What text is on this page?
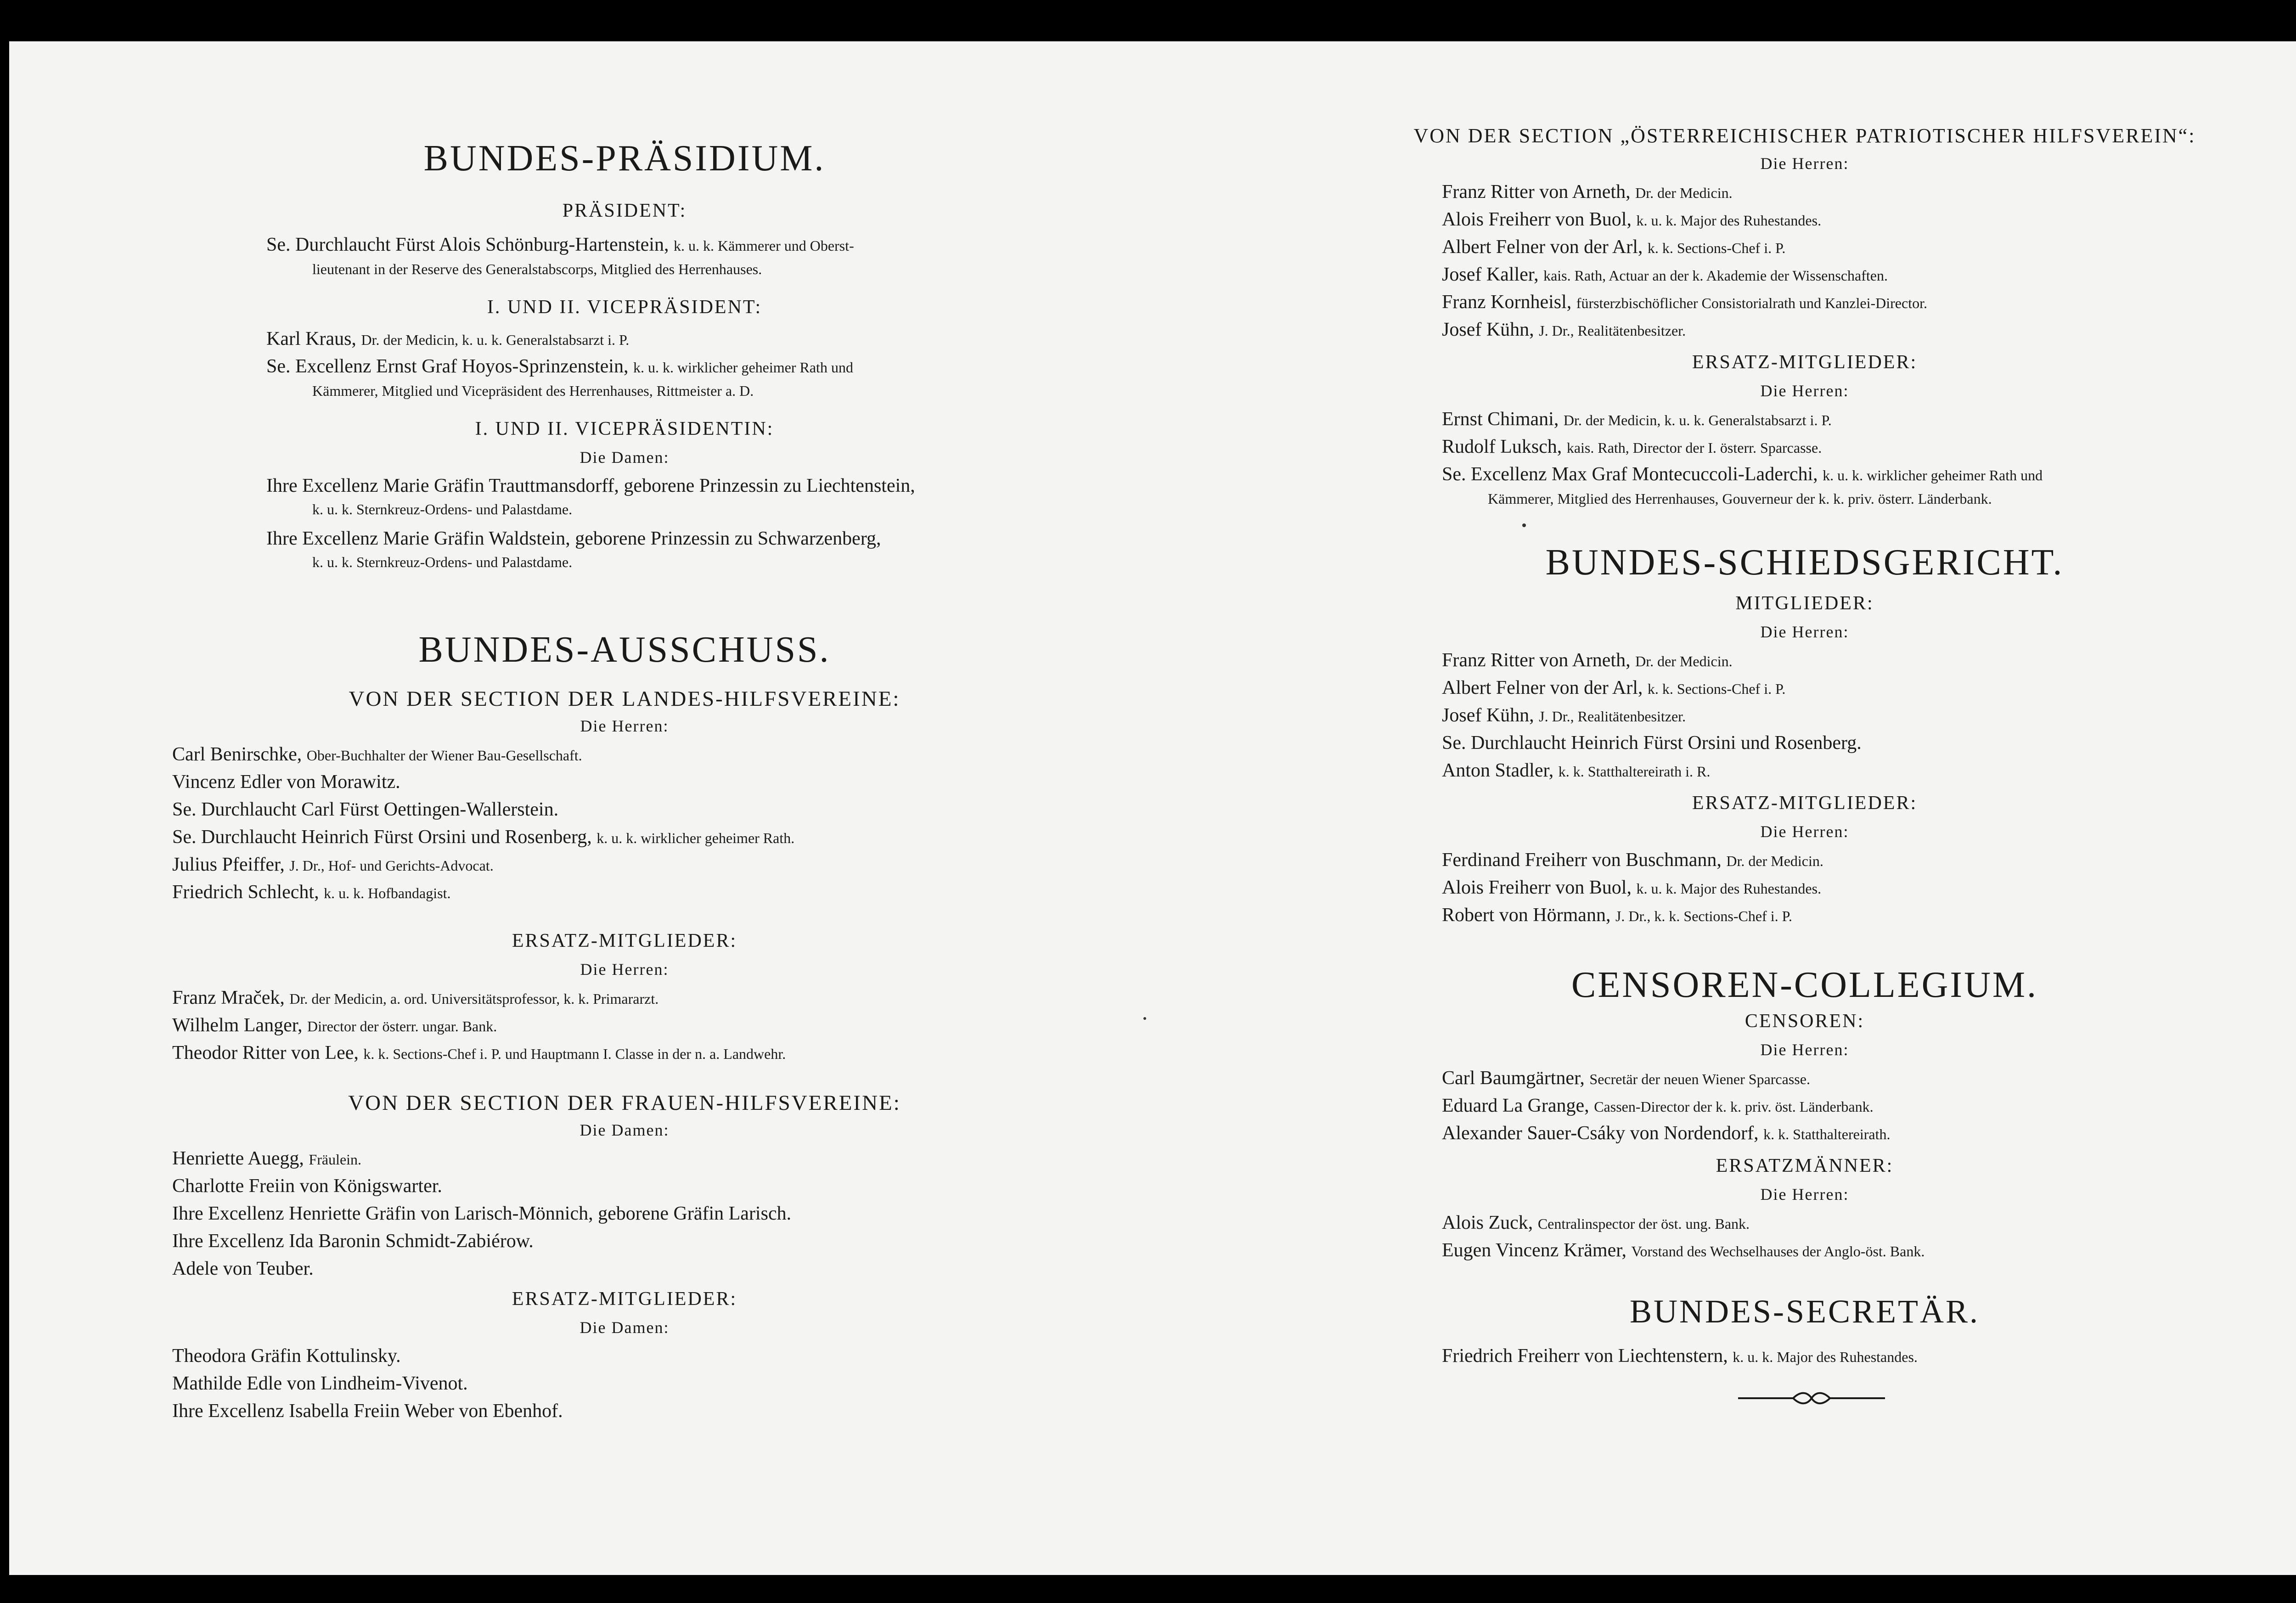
BUNDES-PRÄSIDIUM.
PRÄSIDENT:
Se. Durchlaucht Fürst Alois Schönburg-Hartenstein, k. u. k. Kämmerer und Oberst-
lieutenant in der Reserve des Generalstabscorps, Mitglied des Herrenhauses.
I. UND II. VICEPRÄSIDENT:
Karl Kraus, Dr. der Medicin, k. u. k. Generalstabsarzt i. P.
Se. Excellenz Ernst Graf Hoyos-Sprinzenstein, k. u. k. wirklicher geheimer Rath und
Kämmerer, Mitglied und Vicepräsident des Herrenhauses, Rittmeister a. D.
I. UND II. VICEPRÄSIDENTIN:
Die Damen:
Ihre Excellenz Marie Gräfin Trauttmansdorff, geborene Prinzessin zu Liechtenstein,
k. u. k. Sternkreuz-Ordens- und Palastdame.
Ihre Excellenz Marie Gräfin Waldstein, geborene Prinzessin zu Schwarzenberg,
k. u. k. Sternkreuz-Ordens- und Palastdame.
BUNDES-AUSSCHUSS.
VON DER SECTION DER LANDES-HILFSVEREINE:
Die Herren:
Carl Benirschke, Ober-Buchhalter der Wiener Bau-Gesellschaft.
Vincenz Edler von Morawitz.
Se. Durchlaucht Carl Fürst Oettingen-Wallerstein.
Se. Durchlaucht Heinrich Fürst Orsini und Rosenberg, k. u. k. wirklicher geheimer Rath.
Julius Pfeiffer, J. Dr., Hof- und Gerichts-Advocat.
Friedrich Schlecht, k. u. k. Hofbandagist.
ERSATZ-MITGLIEDER:
Die Herren:
Franz Mraček, Dr. der Medicin, a. ord. Universitätsprofessor, k. k. Primararzt.
Wilhelm Langer, Director der österr. ungar. Bank.
Theodor Ritter von Lee, k. k. Sections-Chef i. P. und Hauptmann I. Classe in der n. a. Landwehr.
VON DER SECTION DER FRAUEN-HILFSVEREINE:
Die Damen:
Henriette Auegg, Fräulein.
Charlotte Freiin von Königswarter.
Ihre Excellenz Henriette Gräfin von Larisch-Mönnich, geborene Gräfin Larisch.
Ihre Excellenz Ida Baronin Schmidt-Zabiérow.
Adele von Teuber.
ERSATZ-MITGLIEDER:
Die Damen:
Theodora Gräfin Kottulinsky.
Mathilde Edle von Lindheim-Vivenot.
Ihre Excellenz Isabella Freiin Weber von Ebenhof.
VON DER SECTION „ÖSTERREICHISCHER PATRIOTISCHER HILFSVEREIN“:
Die Herren:
Franz Ritter von Arneth, Dr. der Medicin.
Alois Freiherr von Buol, k. u. k. Major des Ruhestandes.
Albert Felner von der Arl, k. k. Sections-Chef i. P.
Josef Kaller, kais. Rath, Actuar an der k. Akademie der Wissenschaften.
Franz Kornheisl, fürsterzbischöflicher Consistorialrath und Kanzlei-Director.
Josef Kühn, J. Dr., Realitätenbesitzer.
ERSATZ-MITGLIEDER:
Die Herren:
Ernst Chimani, Dr. der Medicin, k. u. k. Generalstabsarzt i. P.
Rudolf Luksch, kais. Rath, Director der I. österr. Sparcasse.
Se. Excellenz Max Graf Montecuccoli-Laderchi, k. u. k. wirklicher geheimer Rath und
Kämmerer, Mitglied des Herrenhauses, Gouverneur der k. k. priv. österr. Länderbank.
BUNDES-SCHIEDSGERICHT.
MITGLIEDER:
Die Herren:
Franz Ritter von Arneth, Dr. der Medicin.
Albert Felner von der Arl, k. k. Sections-Chef i. P.
Josef Kühn, J. Dr., Realitätenbesitzer.
Se. Durchlaucht Heinrich Fürst Orsini und Rosenberg.
Anton Stadler, k. k. Statthaltereirath i. R.
ERSATZ-MITGLIEDER:
Die Herren:
Ferdinand Freiherr von Buschmann, Dr. der Medicin.
Alois Freiherr von Buol, k. u. k. Major des Ruhestandes.
Robert von Hörmann, J. Dr., k. k. Sections-Chef i. P.
CENSOREN-COLLEGIUM.
CENSOREN:
Die Herren:
Carl Baumgärtner, Secretär der neuen Wiener Sparcasse.
Eduard La Grange, Cassen-Director der k. k. priv. öst. Länderbank.
Alexander Sauer-Csáky von Nordendorf, k. k. Statthaltereirath.
ERSATZMÄNNER:
Die Herren:
Alois Zuck, Centralinspector der öst. ung. Bank.
Eugen Vincenz Krämer, Vorstand des Wechselhauses der Anglo-öst. Bank.
BUNDES-SECRETÄR.
Friedrich Freiherr von Liechtenstern, k. u. k. Major des Ruhestandes.
